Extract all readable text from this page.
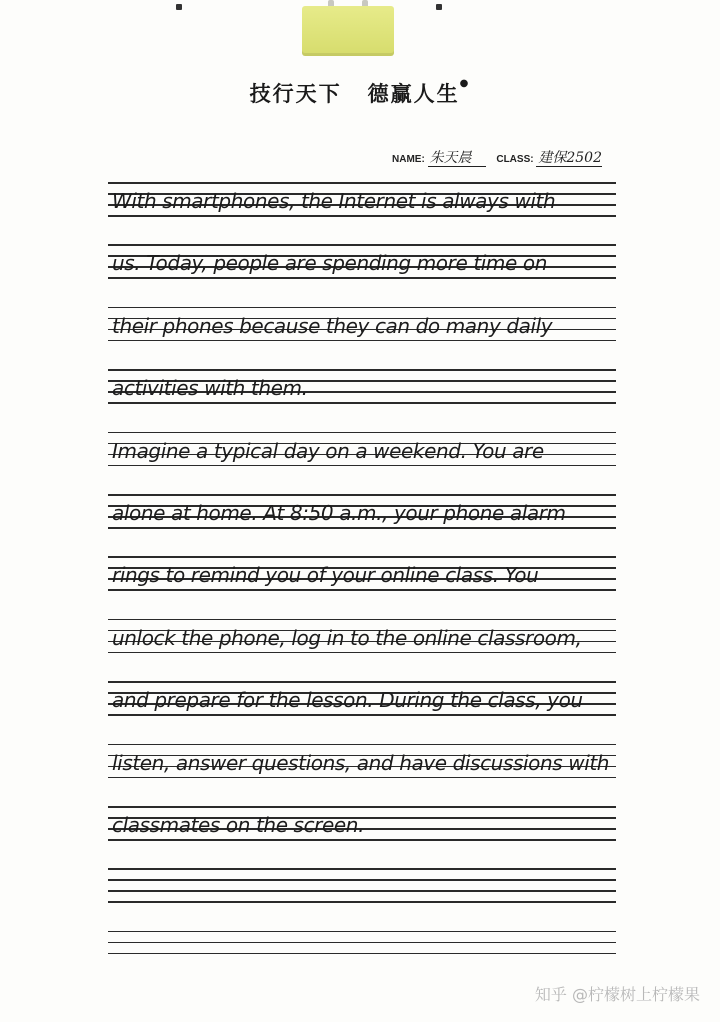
技行天下 德赢人生●
NAME: 朱天晨 CLASS: 建保2502
With smartphones, the Internet is always with
us. Today, people are spending more time on
their phones because they can do many daily
activities with them.
Imagine a typical day on a weekend. You are
alone at home. At 8:50 a.m., your phone alarm
rings to remind you of your online class. You
unlock the phone, log in to the online classroom,
and prepare for the lesson. During the class, you
listen, answer questions, and have discussions with
classmates on the screen.
知乎 @柠檬树上柠檬果
